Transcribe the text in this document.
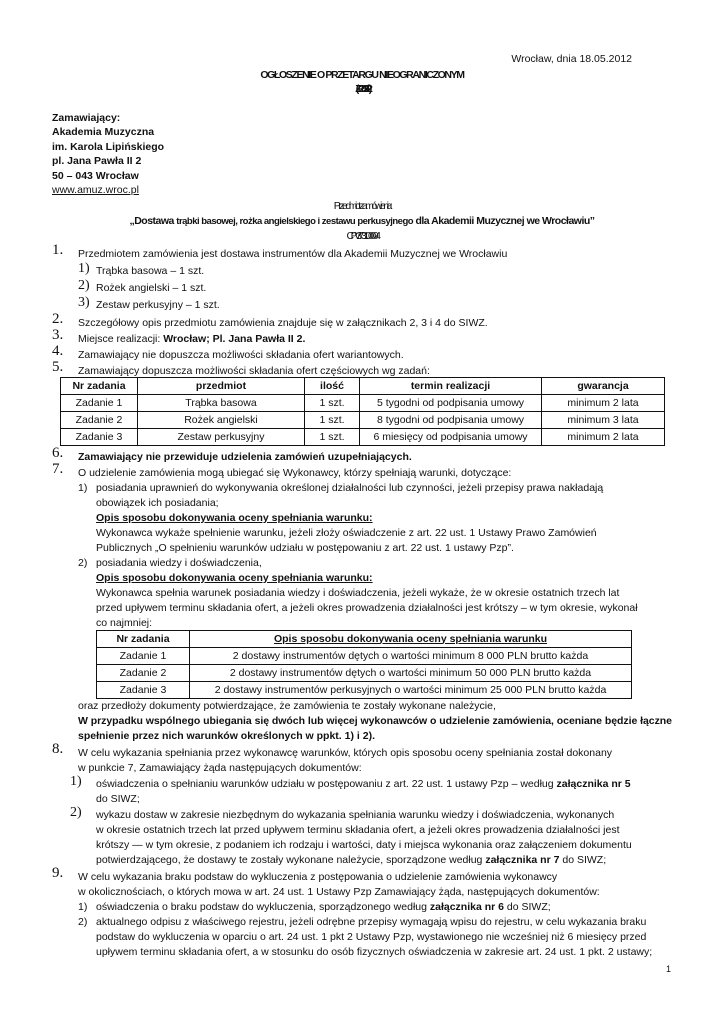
Wrocław, dnia 18.05.2012
OGŁOSZENIE O PRZETARGU NIEOGRANICZONYM
(ZP 262-6/12)
Zamawiający:
Akademia Muzyczna
im. Karola Lipińskiego
pl. Jana Pawła II 2
50 – 043 Wrocław
www.amuz.wroc.pl
Przedmiot zamówienia:
„Dostawa trąbki basowej, rożka angielskiego i zestawu perkusyjnego dla Akademii Muzycznej we Wrocławiu”
CPV: 37310000-4
1. Przedmiotem zamówienia jest dostawa instrumentów dla Akademii Muzycznej we Wrocławiu
1) Trąbka basowa – 1 szt.
2) Rożek angielski – 1 szt.
3) Zestaw perkusyjny – 1 szt.
2. Szczegółowy opis przedmiotu zamówienia znajduje się w załącznikach 2, 3 i 4 do SIWZ.
3. Miejsce realizacji: Wrocław; Pl. Jana Pawła II 2.
4. Zamawiający nie dopuszcza możliwości składania ofert wariantowych.
5. Zamawiający dopuszcza możliwości składania ofert częściowych wg zadań:
Nr zadania	przedmiot	ilość	termin realizacji	gwarancja
Zadanie 1	Trąbka basowa	1 szt.	5 tygodni od podpisania umowy	minimum 2 lata
Zadanie 2	Rożek angielski	1 szt.	8 tygodni od podpisania umowy	minimum 3 lata
Zadanie 3	Zestaw perkusyjny	1 szt.	6 miesięcy od podpisania umowy	minimum 2 lata
6. Zamawiający nie przewiduje udzielenia zamówień uzupełniających.
7. O udzielenie zamówienia mogą ubiegać się Wykonawcy, którzy spełniają warunki, dotyczące:
1) posiadania uprawnień do wykonywania określonej działalności lub czynności, jeżeli przepisy prawa nakładają
obowiązek ich posiadania;
Opis sposobu dokonywania oceny spełniania warunku:
Wykonawca wykaże spełnienie warunku, jeżeli złoży oświadczenie z art. 22 ust. 1 Ustawy Prawo Zamówień
Publicznych „O spełnieniu warunków udziału w postępowaniu z art. 22 ust. 1 ustawy Pzp”.
2) posiadania wiedzy i doświadczenia,
Opis sposobu dokonywania oceny spełniania warunku:
Wykonawca spełnia warunek posiadania wiedzy i doświadczenia, jeżeli wykaże, że w okresie ostatnich trzech lat
przed upływem terminu składania ofert, a jeżeli okres prowadzenia działalności jest krótszy – w tym okresie, wykonał
co najmniej:
Nr zadania	Opis sposobu dokonywania oceny spełniania warunku
Zadanie 1	2 dostawy instrumentów dętych o wartości minimum 8 000 PLN brutto każda
Zadanie 2	2 dostawy instrumentów dętych o wartości minimum 50 000 PLN brutto każda
Zadanie 3	2 dostawy instrumentów perkusyjnych o wartości minimum 25 000 PLN brutto każda
oraz przedłoży dokumenty potwierdzające, że zamówienia te zostały wykonane należycie,
W przypadku wspólnego ubiegania się dwóch lub więcej wykonawców o udzielenie zamówienia, oceniane będzie łączne
spełnienie przez nich warunków określonych w ppkt. 1) i 2).
8. W celu wykazania spełniania przez wykonawcę warunków, których opis sposobu oceny spełniania został dokonany
w punkcie 7, Zamawiający żąda następujących dokumentów:
1) oświadczenia o spełnianiu warunków udziału w postępowaniu z art. 22 ust. 1 ustawy Pzp – według załącznika nr 5
do SIWZ;
2) wykazu dostaw w zakresie niezbędnym do wykazania spełniania warunku wiedzy i doświadczenia, wykonanych
w okresie ostatnich trzech lat przed upływem terminu składania ofert, a jeżeli okres prowadzenia działalności jest
krótszy — w tym okresie, z podaniem ich rodzaju i wartości, daty i miejsca wykonania oraz załączeniem dokumentu
potwierdzającego, że dostawy te zostały wykonane należycie, sporządzone według załącznika nr 7 do SIWZ;
9. W celu wykazania braku podstaw do wykluczenia z postępowania o udzielenie zamówienia wykonawcy
w okolicznościach, o których mowa w art. 24 ust. 1 Ustawy Pzp Zamawiający żąda, następujących dokumentów:
1) oświadczenia o braku podstaw do wykluczenia, sporządzonego według załącznika nr 6 do SIWZ;
2) aktualnego odpisu z właściwego rejestru, jeżeli odrębne przepisy wymagają wpisu do rejestru, w celu wykazania braku
podstaw do wykluczenia w oparciu o art. 24 ust. 1 pkt 2 Ustawy Pzp, wystawionego nie wcześniej niż 6 miesięcy przed
upływem terminu składania ofert, a w stosunku do osób fizycznych oświadczenia w zakresie art. 24 ust. 1 pkt. 2 ustawy;
1
